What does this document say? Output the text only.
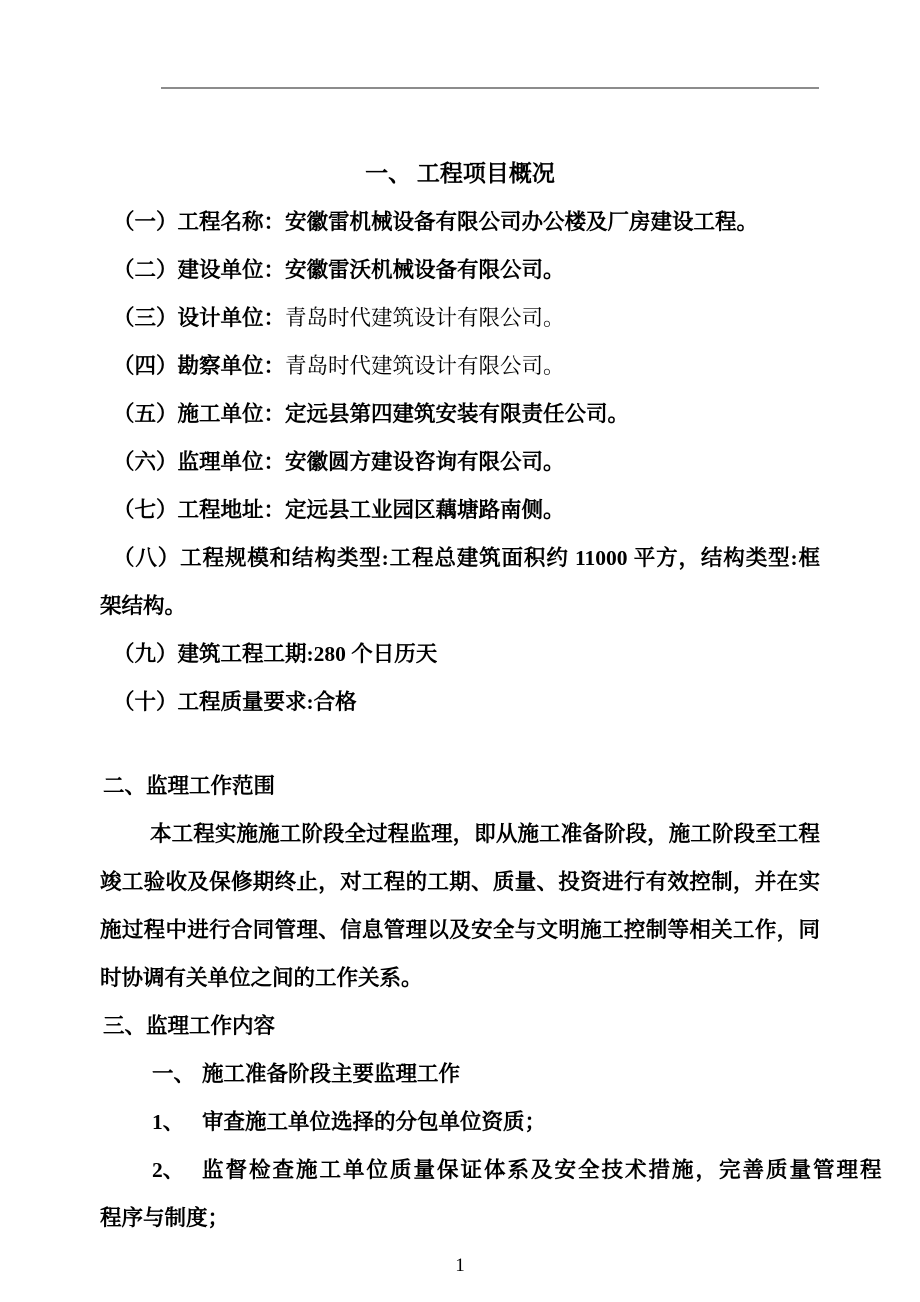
一、 工程项目概况
（一）工程名称：安徽雷机械设备有限公司办公楼及厂房建设工程。
（二）建设单位：安徽雷沃机械设备有限公司。
（三）设计单位：青岛时代建筑设计有限公司。
（四）勘察单位：青岛时代建筑设计有限公司。
（五）施工单位：定远县第四建筑安装有限责任公司。
（六）监理单位：安徽圆方建设咨询有限公司。
（七）工程地址：定远县工业园区藕塘路南侧。
（八）工程规模和结构类型:工程总建筑面积约 11000 平方，结构类型:框
架结构。
（九）建筑工程工期:280 个日历天
（十）工程质量要求:合格
二、监理工作范围
本工程实施施工阶段全过程监理，即从施工准备阶段，施工阶段至工程
竣工验收及保修期终止，对工程的工期、质量、投资进行有效控制，并在实
施过程中进行合同管理、信息管理以及安全与文明施工控制等相关工作，同
时协调有关单位之间的工作关系。
三、监理工作内容
一、 施工准备阶段主要监理工作
1、 审查施工单位选择的分包单位资质；
2、 监督检查施工单位质量保证体系及安全技术措施，完善质量管理程
程序与制度；
1
